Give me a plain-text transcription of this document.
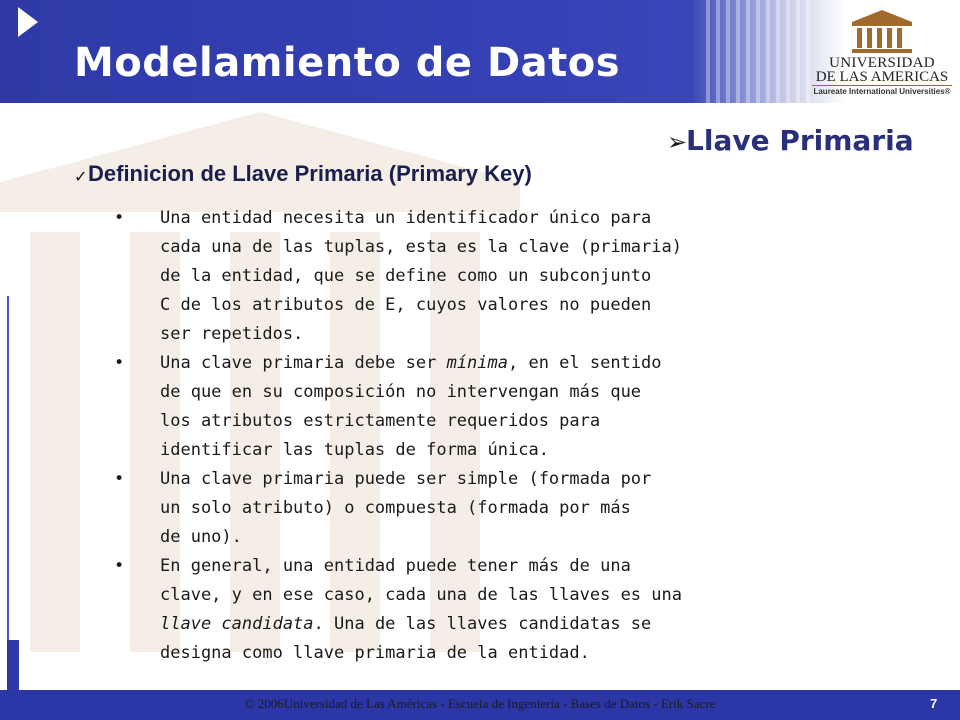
Modelamiento de Datos	UNIVERSIDAD
DE LAS AMERICAS
Laureate International Universities®
➢
Llave Primaria
✓ Definicion de Llave Primaria (Primary Key)
• Una entidad necesita un identificador único para
cada una de las tuplas, esta es la clave (primaria)
de la entidad, que se define como un subconjunto
C de los atributos de E, cuyos valores no pueden
ser repetidos.
• Una clave primaria debe ser mínima, en el sentido
de que en su composición no intervengan más que
los atributos estrictamente requeridos para
identificar las tuplas de forma única.
• Una clave primaria puede ser simple (formada por
un solo atributo) o compuesta (formada por más
de uno).
• En general, una entidad puede tener más de una
clave, y en ese caso, cada una de las llaves es una
llave candidata. Una de las llaves candidatas se
designa como llave primaria de la entidad.
© 2006Universidad de Las Américas - Escuela de Ingeniería - Bases de Datos - Erik Sacre	7
